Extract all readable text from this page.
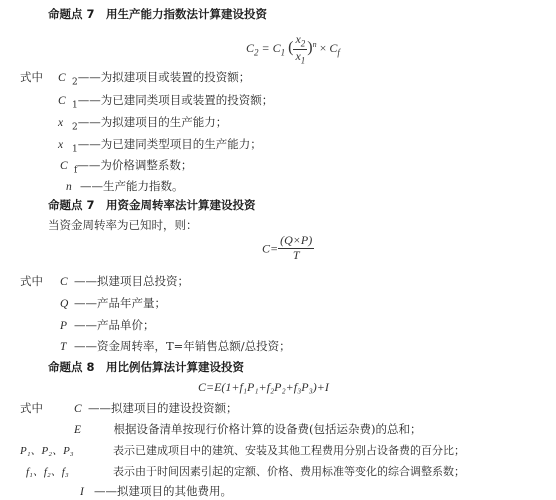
命题点 7　用生产能力指数法计算建设投资
$C_2 = C_1$ ( $\frac{x_2}{x_1} )^n \times C_f$
式中 C $_2$——为拟建项目或装置的投资额；
C $_1$——为已建同类项目或装置的投资额；
x $_2$——为拟建项目的生产能力；
x $_1$——为已建同类型项目的生产能力；
C $_f$——为价格调整系数；
n ——生产能力指数。
命题点 7　用资金周转率法计算建设投资
当资金周转率为已知时，则：
$C= \frac{(Q\times P)}{T}$
式中 C ——拟建项目总投资；
Q ——产品年产量；
P ——产品单价；
T ——资金周转率，T=年销售总额/总投资；
命题点 8　用比例估算法计算建设投资
C=E(1+f₁P₁+f₂P₂+f₃P₃)+I
式中	C ——拟建项目的建设投资额；
E　根据设备清单按现行价格计算的设备费(包括运杂费)的总和；
P₁、P₂、P₃	　表示已建成项目中的建筑、安装及其他工程费用分别占设备费的百分比；
f₁、f₂、f₃	　表示由于时间因素引起的定额、价格、费用标准等变化的综合调整系数；
I ——拟建项目的其他费用。
